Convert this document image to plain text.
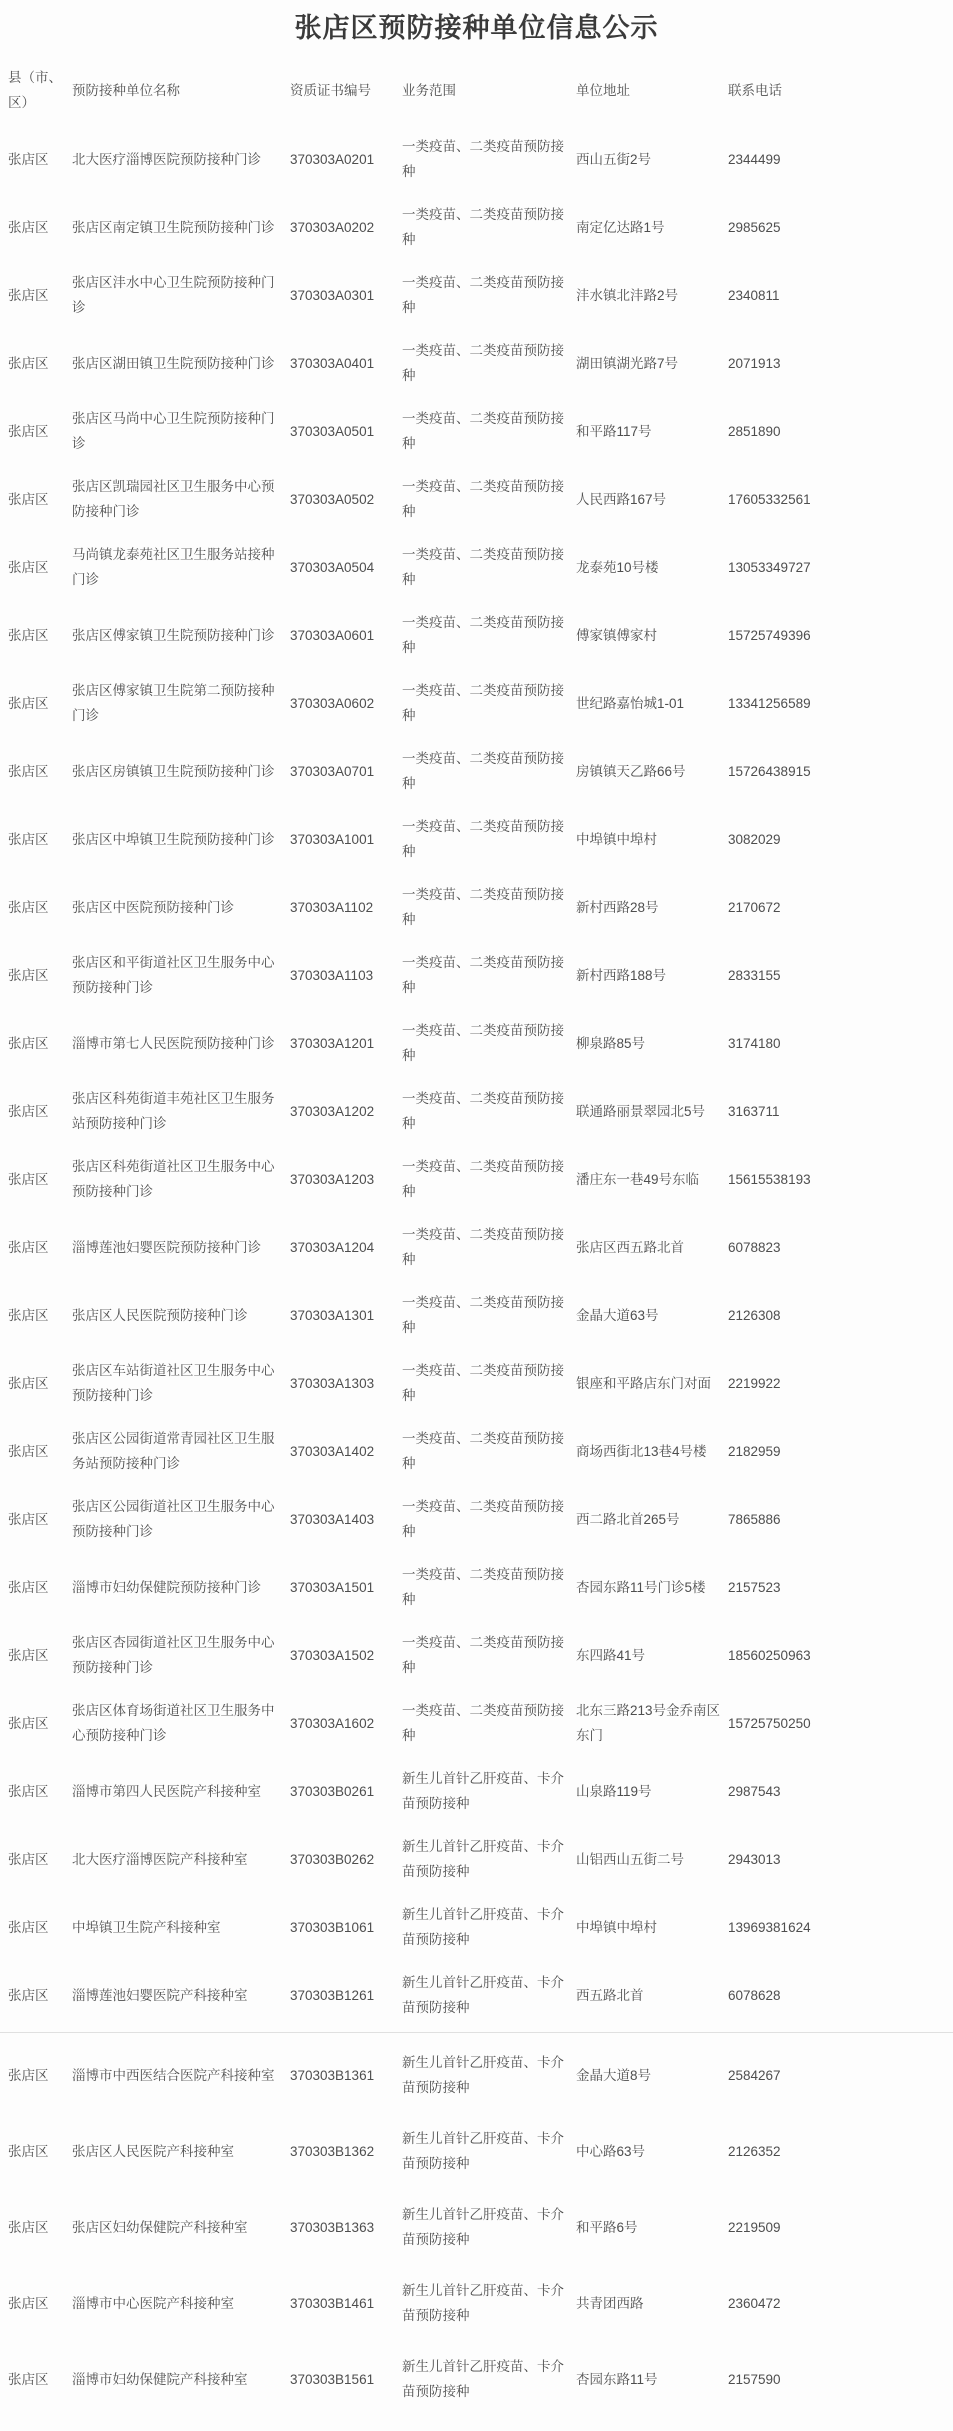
张店区预防接种单位信息公示
县（市、区）	预防接种单位名称	资质证书编号	业务范围	单位地址	联系电话
张店区	北大医疗淄博医院预防接种门诊	370303A0201	一类疫苗、二类疫苗预防接种	西山五街2号	2344499
张店区	张店区南定镇卫生院预防接种门诊	370303A0202	一类疫苗、二类疫苗预防接种	南定亿达路1号	2985625
张店区	张店区沣水中心卫生院预防接种门诊	370303A0301	一类疫苗、二类疫苗预防接种	沣水镇北沣路2号	2340811
张店区	张店区湖田镇卫生院预防接种门诊	370303A0401	一类疫苗、二类疫苗预防接种	湖田镇湖光路7号	2071913
张店区	张店区马尚中心卫生院预防接种门诊	370303A0501	一类疫苗、二类疫苗预防接种	和平路117号	2851890
张店区	张店区凯瑞园社区卫生服务中心预防接种门诊	370303A0502	一类疫苗、二类疫苗预防接种	人民西路167号	17605332561
张店区	马尚镇龙泰苑社区卫生服务站接种门诊	370303A0504	一类疫苗、二类疫苗预防接种	龙泰苑10号楼	13053349727
张店区	张店区傅家镇卫生院预防接种门诊	370303A0601	一类疫苗、二类疫苗预防接种	傅家镇傅家村	15725749396
张店区	张店区傅家镇卫生院第二预防接种门诊	370303A0602	一类疫苗、二类疫苗预防接种	世纪路嘉怡城1-01	13341256589
张店区	张店区房镇镇卫生院预防接种门诊	370303A0701	一类疫苗、二类疫苗预防接种	房镇镇天乙路66号	15726438915
张店区	张店区中埠镇卫生院预防接种门诊	370303A1001	一类疫苗、二类疫苗预防接种	中埠镇中埠村	3082029
张店区	张店区中医院预防接种门诊	370303A1102	一类疫苗、二类疫苗预防接种	新村西路28号	2170672
张店区	张店区和平街道社区卫生服务中心预防接种门诊	370303A1103	一类疫苗、二类疫苗预防接种	新村西路188号	2833155
张店区	淄博市第七人民医院预防接种门诊	370303A1201	一类疫苗、二类疫苗预防接种	柳泉路85号	3174180
张店区	张店区科苑街道丰苑社区卫生服务站预防接种门诊	370303A1202	一类疫苗、二类疫苗预防接种	联通路丽景翠园北5号	3163711
张店区	张店区科苑街道社区卫生服务中心预防接种门诊	370303A1203	一类疫苗、二类疫苗预防接种	潘庄东一巷49号东临	15615538193
张店区	淄博莲池妇婴医院预防接种门诊	370303A1204	一类疫苗、二类疫苗预防接种	张店区西五路北首	6078823
张店区	张店区人民医院预防接种门诊	370303A1301	一类疫苗、二类疫苗预防接种	金晶大道63号	2126308
张店区	张店区车站街道社区卫生服务中心预防接种门诊	370303A1303	一类疫苗、二类疫苗预防接种	银座和平路店东门对面	2219922
张店区	张店区公园街道常青园社区卫生服务站预防接种门诊	370303A1402	一类疫苗、二类疫苗预防接种	商场西街北13巷4号楼	2182959
张店区	张店区公园街道社区卫生服务中心预防接种门诊	370303A1403	一类疫苗、二类疫苗预防接种	西二路北首265号	7865886
张店区	淄博市妇幼保健院预防接种门诊	370303A1501	一类疫苗、二类疫苗预防接种	杏园东路11号门诊5楼	2157523
张店区	张店区杏园街道社区卫生服务中心预防接种门诊	370303A1502	一类疫苗、二类疫苗预防接种	东四路41号	18560250963
张店区	张店区体育场街道社区卫生服务中心预防接种门诊	370303A1602	一类疫苗、二类疫苗预防接种	北东三路213号金乔南区东门	15725750250
张店区	淄博市第四人民医院产科接种室	370303B0261	新生儿首针乙肝疫苗、卡介苗预防接种	山泉路119号	2987543
张店区	北大医疗淄博医院产科接种室	370303B0262	新生儿首针乙肝疫苗、卡介苗预防接种	山铝西山五街二号	2943013
张店区	中埠镇卫生院产科接种室	370303B1061	新生儿首针乙肝疫苗、卡介苗预防接种	中埠镇中埠村	13969381624
张店区	淄博莲池妇婴医院产科接种室	370303B1261	新生儿首针乙肝疫苗、卡介苗预防接种	西五路北首	6078628
张店区	淄博市中西医结合医院产科接种室	370303B1361	新生儿首针乙肝疫苗、卡介苗预防接种	金晶大道8号	2584267
张店区	张店区人民医院产科接种室	370303B1362	新生儿首针乙肝疫苗、卡介苗预防接种	中心路63号	2126352
张店区	张店区妇幼保健院产科接种室	370303B1363	新生儿首针乙肝疫苗、卡介苗预防接种	和平路6号	2219509
张店区	淄博市中心医院产科接种室	370303B1461	新生儿首针乙肝疫苗、卡介苗预防接种	共青团西路	2360472
张店区	淄博市妇幼保健院产科接种室	370303B1561	新生儿首针乙肝疫苗、卡介苗预防接种	杏园东路11号	2157590
